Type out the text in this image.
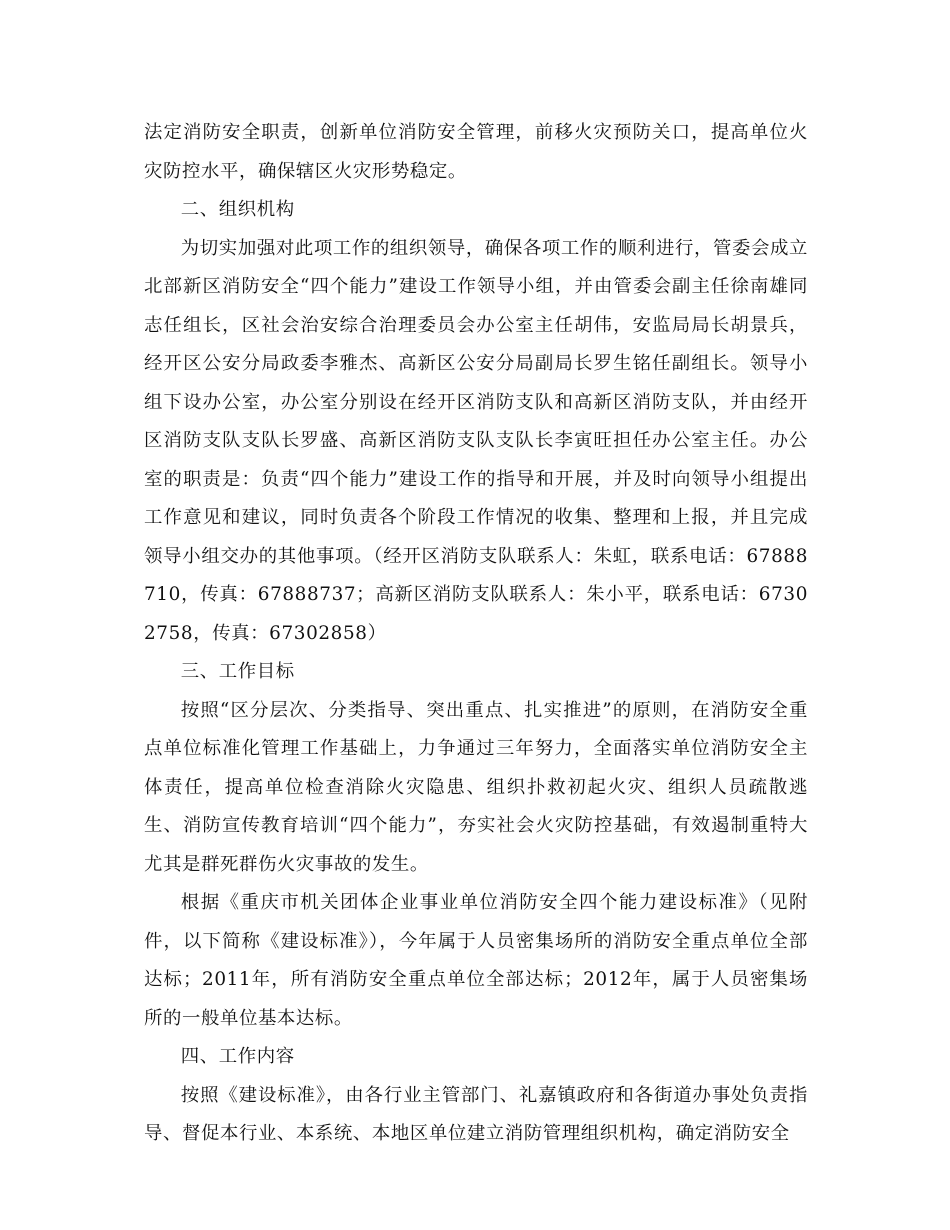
法定消防安全职责，创新单位消防安全管理，前移火灾预防关口，提高单位火灾防控水平，确保辖区火灾形势稳定。

二、组织机构

为切实加强对此项工作的组织领导，确保各项工作的顺利进行，管委会成立北部新区消防安全“四个能力”建设工作领导小组，并由管委会副主任徐南雄同志任组长，区社会治安综合治理委员会办公室主任胡伟，安监局局长胡景兵，经开区公安分局政委李雅杰、高新区公安分局副局长罗生铭任副组长。领导小组下设办公室，办公室分别设在经开区消防支队和高新区消防支队，并由经开区消防支队支队长罗盛、高新区消防支队支队长李寅旺担任办公室主任。办公室的职责是：负责“四个能力”建设工作的指导和开展，并及时向领导小组提出工作意见和建议，同时负责各个阶段工作情况的收集、整理和上报，并且完成领导小组交办的其他事项。（经开区消防支队联系人：朱虹，联系电话：67888710，传真：67888737；高新区消防支队联系人：朱小平，联系电话：67302758，传真：67302858）

三、工作目标

按照“区分层次、分类指导、突出重点、扎实推进”的原则，在消防安全重点单位标准化管理工作基础上，力争通过三年努力，全面落实单位消防安全主体责任，提高单位检查消除火灾隐患、组织扑救初起火灾、组织人员疏散逃生、消防宣传教育培训“四个能力”，夯实社会火灾防控基础，有效遏制重特大尤其是群死群伤火灾事故的发生。

根据《重庆市机关团体企业事业单位消防安全四个能力建设标准》（见附件，以下简称《建设标准》），今年属于人员密集场所的消防安全重点单位全部达标；2011年，所有消防安全重点单位全部达标；2012年，属于人员密集场所的一般单位基本达标。

四、工作内容

按照《建设标准》，由各行业主管部门、礼嘉镇政府和各街道办事处负责指导、督促本行业、本系统、本地区单位建立消防管理组织机构，确定消防安全
